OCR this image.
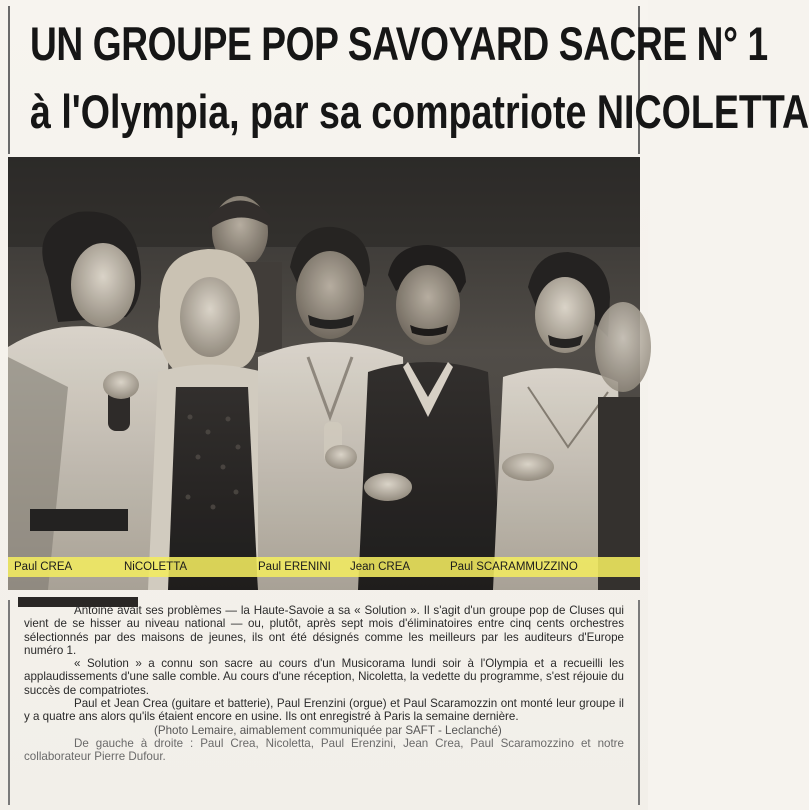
UN GROUPE POP SAVOYARD SACRE N° 1
à l'Olympia, par sa compatriote NICOLETTA
Paul CREA	NiCOLETTA	Paul ERENINI Jean CREA	Paul SCARAMMUZZINO

Antoine avait ses problèmes — la Haute-Savoie a sa « Solution ». Il s'agit d'un groupe pop de Cluses qui vient de se hisser au niveau national — ou, plutôt, après sept mois d'éliminatoires entre cinq cents orchestres sélectionnés par des maisons de jeunes, ils ont été désignés comme les meilleurs par les auditeurs d'Europe numéro 1.

« Solution » a connu son sacre au cours d'un Musicorama lundi soir à l'Olympia et a recueilli les applaudissements d'une salle comble. Au cours d'une réception, Nicoletta, la vedette du programme, s'est réjouie du succès de compatriotes.

Paul et Jean Crea (guitare et batterie), Paul Erenzini (orgue) et Paul Scaramozzin ont monté leur groupe il y a quatre ans alors qu'ils étaient encore en usine. Ils ont enregistré à Paris la semaine dernière.

(Photo Lemaire, aimablement communiquée par SAFT - Leclanché)

De gauche à droite : Paul Crea, Nicoletta, Paul Erenzini, Jean Crea, Paul Scaramozzino et notre collaborateur Pierre Dufour.
